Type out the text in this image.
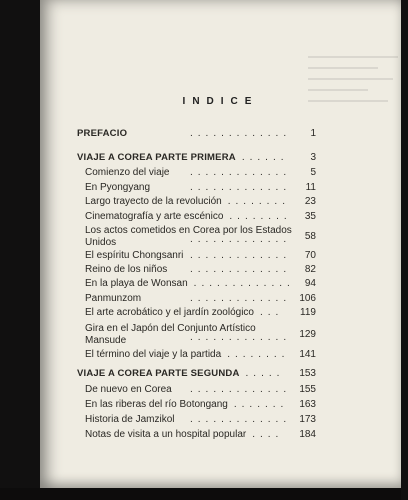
INDICE
PREFACIO	.............	1
VIAJE A COREA PARTE PRIMERA ......	3
Comienzo del viaje .............	5
En Pyongyang	.............	11
Largo trayecto de la revolución ........	23
Cinematografía y arte escénico ........	35
Los actos cometidos en Corea por los Estados
Unidos	.............	58
El espíritu Chongsanri .............	70
Reino de los niños .............	82
En la playa de Wonsan .............	94
Panmunzom	............. 106
El arte acrobático y el jardín zoológico ...	119
Gira en el Japón del Conjunto Artístico
Mansude	............. 129
El término del viaje y la partida ........ 141
VIAJE A COREA PARTE SEGUNDA .....	153
De nuevo en Corea ............. 155
En las riberas del río Botongang .......	163
Historia de Jamzikol ............. 173
Notas de visita a un hospital popular ....	184
